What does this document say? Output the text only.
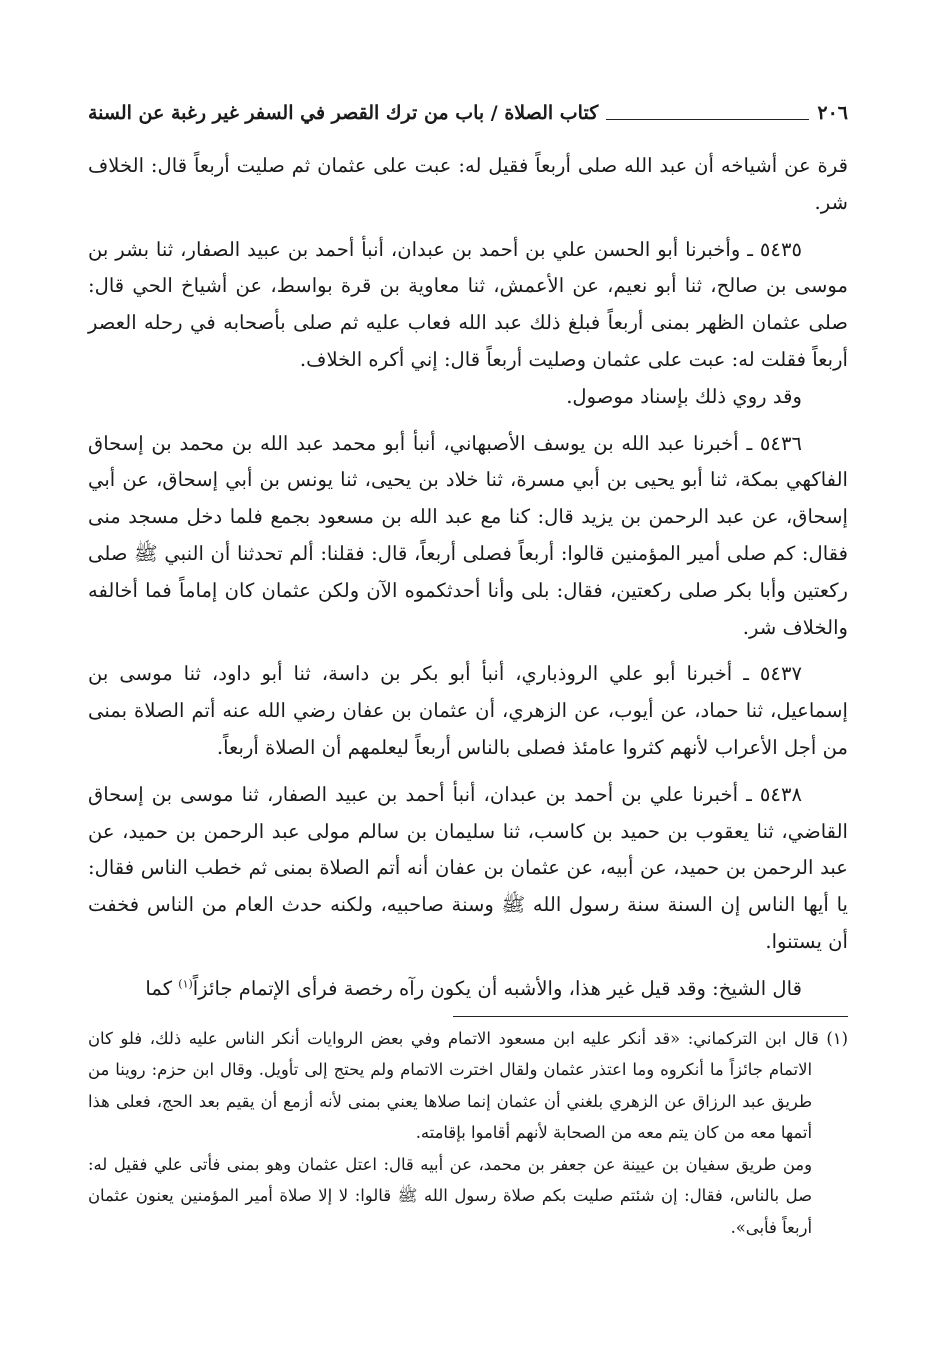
٢٠٦
كتاب الصلاة / باب من ترك القصر في السفر غير رغبة عن السنة

قرة عن أشياخه أن عبد الله صلى أربعاً فقيل له: عبت على عثمان ثم صليت أربعاً قال: الخلاف شر.

٥٤٣٥ ـ وأخبرنا أبو الحسن علي بن أحمد بن عبدان، أنبأ أحمد بن عبيد الصفار، ثنا بشر بن موسى بن صالح، ثنا أبو نعيم، عن الأعمش، ثنا معاوية بن قرة بواسط، عن أشياخ الحي قال: صلى عثمان الظهر بمنى أربعاً فبلغ ذلك عبد الله فعاب عليه ثم صلى بأصحابه في رحله العصر أربعاً فقلت له: عبت على عثمان وصليت أربعاً قال: إني أكره الخلاف.

وقد روي ذلك بإسناد موصول.

٥٤٣٦ ـ أخبرنا عبد الله بن يوسف الأصبهاني، أنبأ أبو محمد عبد الله بن محمد بن إسحاق الفاكهي بمكة، ثنا أبو يحيى بن أبي مسرة، ثنا خلاد بن يحيى، ثنا يونس بن أبي إسحاق، عن أبي إسحاق، عن عبد الرحمن بن يزيد قال: كنا مع عبد الله بن مسعود بجمع فلما دخل مسجد منى فقال: كم صلى أمير المؤمنين قالوا: أربعاً فصلى أربعاً، قال: فقلنا: ألم تحدثنا أن النبي ﷺ صلى ركعتين وأبا بكر صلى ركعتين، فقال: بلى وأنا أحدثكموه الآن ولكن عثمان كان إماماً فما أخالفه والخلاف شر.

٥٤٣٧ ـ أخبرنا أبو علي الروذباري، أنبأ أبو بكر بن داسة، ثنا أبو داود، ثنا موسى بن إسماعيل، ثنا حماد، عن أيوب، عن الزهري، أن عثمان بن عفان رضي الله عنه أتم الصلاة بمنى من أجل الأعراب لأنهم كثروا عامئذ فصلى بالناس أربعاً ليعلمهم أن الصلاة أربعاً.

٥٤٣٨ ـ أخبرنا علي بن أحمد بن عبدان، أنبأ أحمد بن عبيد الصفار، ثنا موسى بن إسحاق القاضي، ثنا يعقوب بن حميد بن كاسب، ثنا سليمان بن سالم مولى عبد الرحمن بن حميد، عن عبد الرحمن بن حميد، عن أبيه، عن عثمان بن عفان أنه أتم الصلاة بمنى ثم خطب الناس فقال: يا أيها الناس إن السنة سنة رسول الله ﷺ وسنة صاحبيه، ولكنه حدث العام من الناس فخفت أن يستنوا.

قال الشيخ: وقد قيل غير هذا، والأشبه أن يكون رآه رخصة فرأى الإتمام جائزاً$^{(١)}$ كما

(١) قال ابن التركماني: «قد أنكر عليه ابن مسعود الاتمام وفي بعض الروايات أنكر الناس عليه ذلك، فلو كان الاتمام جائزاً ما أنكروه وما اعتذر عثمان ولقال اخترت الاتمام ولم يحتج إلى تأويل. وقال ابن حزم: روينا من طريق عبد الرزاق عن الزهري بلغني أن عثمان إنما صلاها يعني بمنى لأنه أزمع أن يقيم بعد الحج، فعلى هذا أتمها معه من كان يتم معه من الصحابة لأنهم أقاموا بإقامته.

ومن طريق سفيان بن عيينة عن جعفر بن محمد، عن أبيه قال: اعتل عثمان وهو بمنى فأتى علي فقيل له: صل بالناس، فقال: إن شئتم صليت بكم صلاة رسول الله ﷺ قالوا: لا إلا صلاة أمير المؤمنين يعنون عثمان أربعاً فأبى».
